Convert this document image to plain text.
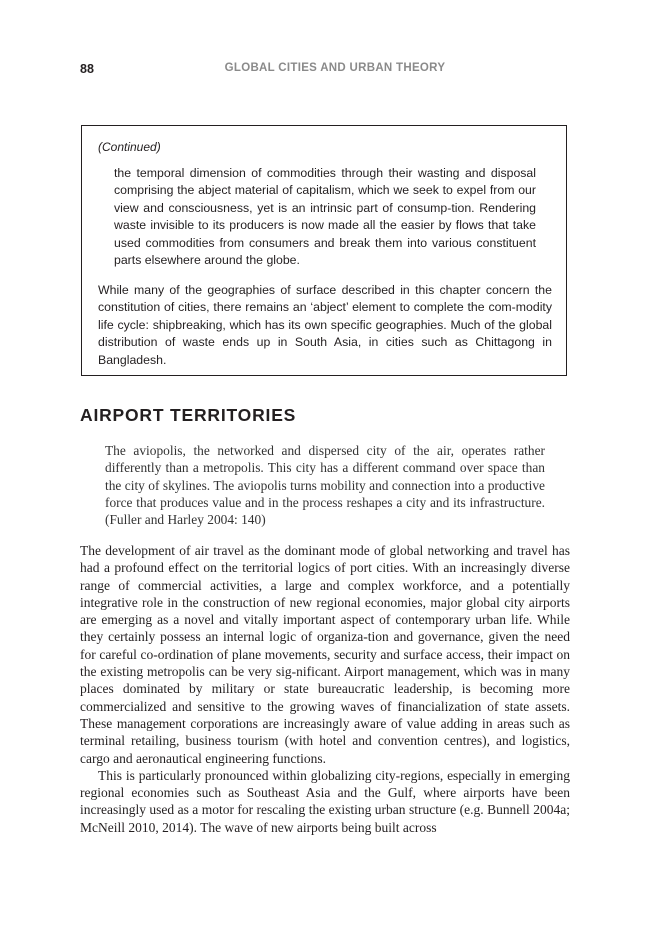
88	GLOBAL CITIES AND URBAN THEORY
(Continued)
the temporal dimension of commodities through their wasting and disposal comprising the abject material of capitalism, which we seek to expel from our view and consciousness, yet is an intrinsic part of consump-tion. Rendering waste invisible to its producers is now made all the easier by flows that take used commodities from consumers and break them into various constituent parts elsewhere around the globe.
While many of the geographies of surface described in this chapter concern the constitution of cities, there remains an ‘abject’ element to complete the com-modity life cycle: shipbreaking, which has its own specific geographies. Much of the global distribution of waste ends up in South Asia, in cities such as Chittagong in Bangladesh.
AIRPORT TERRITORIES
The aviopolis, the networked and dispersed city of the air, operates rather differently than a metropolis. This city has a different command over space than the city of skylines. The aviopolis turns mobility and connection into a productive force that produces value and in the process reshapes a city and its infrastructure. (Fuller and Harley 2004: 140)

The development of air travel as the dominant mode of global networking and travel has had a profound effect on the territorial logics of port cities. With an increasingly diverse range of commercial activities, a large and complex workforce, and a potentially integrative role in the construction of new regional economies, major global city airports are emerging as a novel and vitally important aspect of contemporary urban life. While they certainly possess an internal logic of organiza-tion and governance, given the need for careful co-ordination of plane movements, security and surface access, their impact on the existing metropolis can be very sig-nificant. Airport management, which was in many places dominated by military or state bureaucratic leadership, is becoming more commercialized and sensitive to the growing waves of financialization of state assets. These management corporations are increasingly aware of value adding in areas such as terminal retailing, business tourism (with hotel and convention centres), and logistics, cargo and aeronautical engineering functions.

This is particularly pronounced within globalizing city-regions, especially in emerging regional economies such as Southeast Asia and the Gulf, where airports have been increasingly used as a motor for rescaling the existing urban structure (e.g. Bunnell 2004a; McNeill 2010, 2014). The wave of new airports being built across
